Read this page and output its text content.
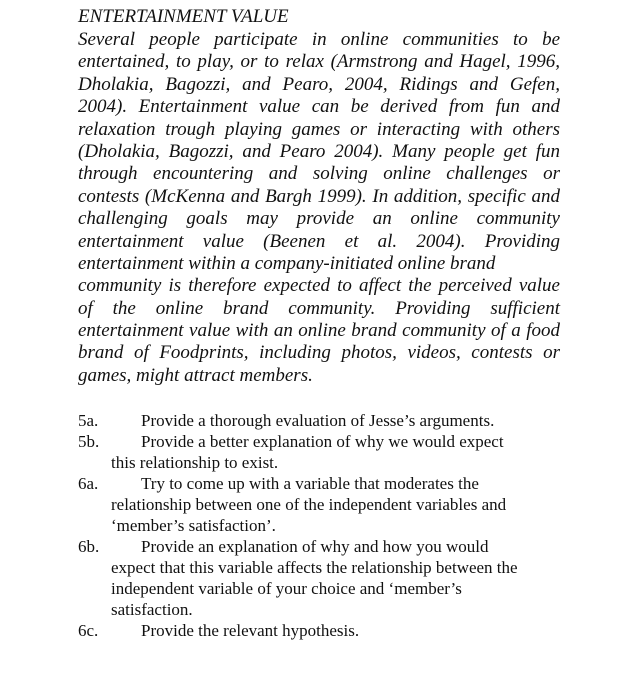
ENTERTAINMENT VALUE
Several people participate in online communities to be
entertained, to play, or to relax (Armstrong and Hagel, 1996,
Dholakia, Bagozzi, and Pearo, 2004, Ridings and Gefen,
2004). Entertainment value can be derived from fun and
relaxation trough playing games or interacting with others
(Dholakia, Bagozzi, and Pearo 2004). Many people get fun
through encountering and solving online challenges or
contests (McKenna and Bargh 1999). In addition, specific and
challenging goals may provide an online community
entertainment value (Beenen et al. 2004). Providing
entertainment within a company-initiated online brand
community is therefore expected to affect the perceived value
of the online brand community. Providing sufficient
entertainment value with an online brand community of a food
brand of Foodprints, including photos, videos, contests or
games, might attract members.
5a.	Provide a thorough evaluation of Jesse’s arguments.
5b.	Provide a better explanation of why we would expect
this relationship to exist.
6a.	Try to come up with a variable that moderates the
relationship between one of the independent variables and
‘member’s satisfaction’.
6b.	Provide an explanation of why and how you would
expect that this variable affects the relationship between the
independent variable of your choice and ‘member’s
satisfaction.
6c.	Provide the relevant hypothesis.
